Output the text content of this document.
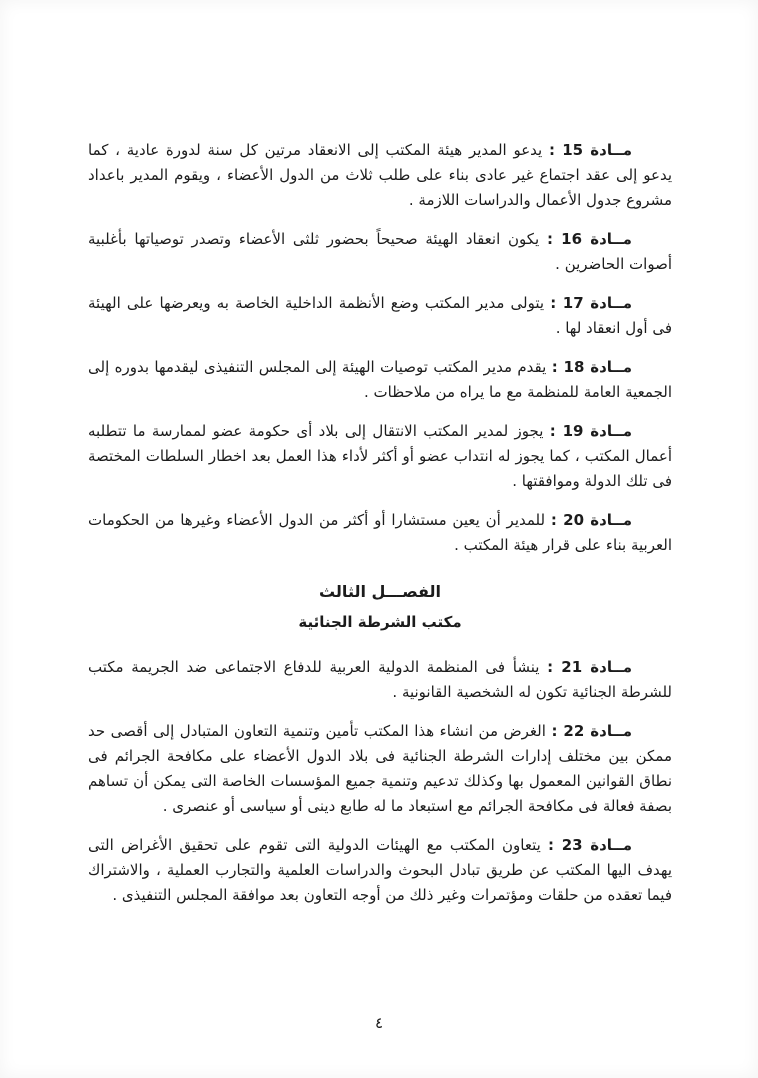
مــادة 15 : يدعو المدير هيئة المكتب إلى الانعقاد مرتين كل سنة لدورة عادية ، كما يدعو إلى عقد اجتماع غير عادى بناء على طلب ثلاث من الدول الأعضاء ، ويقوم المدير باعداد مشروع جدول الأعمال والدراسات اللازمة .

مــادة 16 : يكون انعقاد الهيئة صحيحاً بحضور ثلثى الأعضاء وتصدر توصياتها بأغلبية أصوات الحاضرين .

مــادة 17 : يتولى مدير المكتب وضع الأنظمة الداخلية الخاصة به ويعرضها على الهيئة فى أول انعقاد لها .

مــادة 18 : يقدم مدير المكتب توصيات الهيئة إلى المجلس التنفيذى ليقدمها بدوره إلى الجمعية العامة للمنظمة مع ما يراه من ملاحظات .

مــادة 19 : يجوز لمدير المكتب الانتقال إلى بلاد أى حكومة عضو لممارسة ما تتطلبه أعمال المكتب ، كما يجوز له انتداب عضو أو أكثر لأداء هذا العمل بعد اخطار السلطات المختصة فى تلك الدولة وموافقتها .

مــادة 20 : للمدير أن يعين مستشارا أو أكثر من الدول الأعضاء وغيرها من الحكومات العربية بناء على قرار هيئة المكتب .

الفصـــل الثالث
مكتب الشرطة الجنائية

مــادة 21 : ينشأ فى المنظمة الدولية العربية للدفاع الاجتماعى ضد الجريمة مكتب للشرطة الجنائية تكون له الشخصية القانونية .

مــادة 22 : الغرض من انشاء هذا المكتب تأمين وتنمية التعاون المتبادل إلى أقصى حد ممكن بين مختلف إدارات الشرطة الجنائية فى بلاد الدول الأعضاء على مكافحة الجرائم فى نطاق القوانين المعمول بها وكذلك تدعيم وتنمية جميع المؤسسات الخاصة التى يمكن أن تساهم بصفة فعالة فى مكافحة الجرائم مع استبعاد ما له طابع دينى أو سياسى أو عنصرى .

مــادة 23 : يتعاون المكتب مع الهيئات الدولية التى تقوم على تحقيق الأغراض التى يهدف اليها المكتب عن طريق تبادل البحوث والدراسات العلمية والتجارب العملية ، والاشتراك فيما تعقده من حلقات ومؤتمرات وغير ذلك من أوجه التعاون بعد موافقة المجلس التنفيذى .

٤
